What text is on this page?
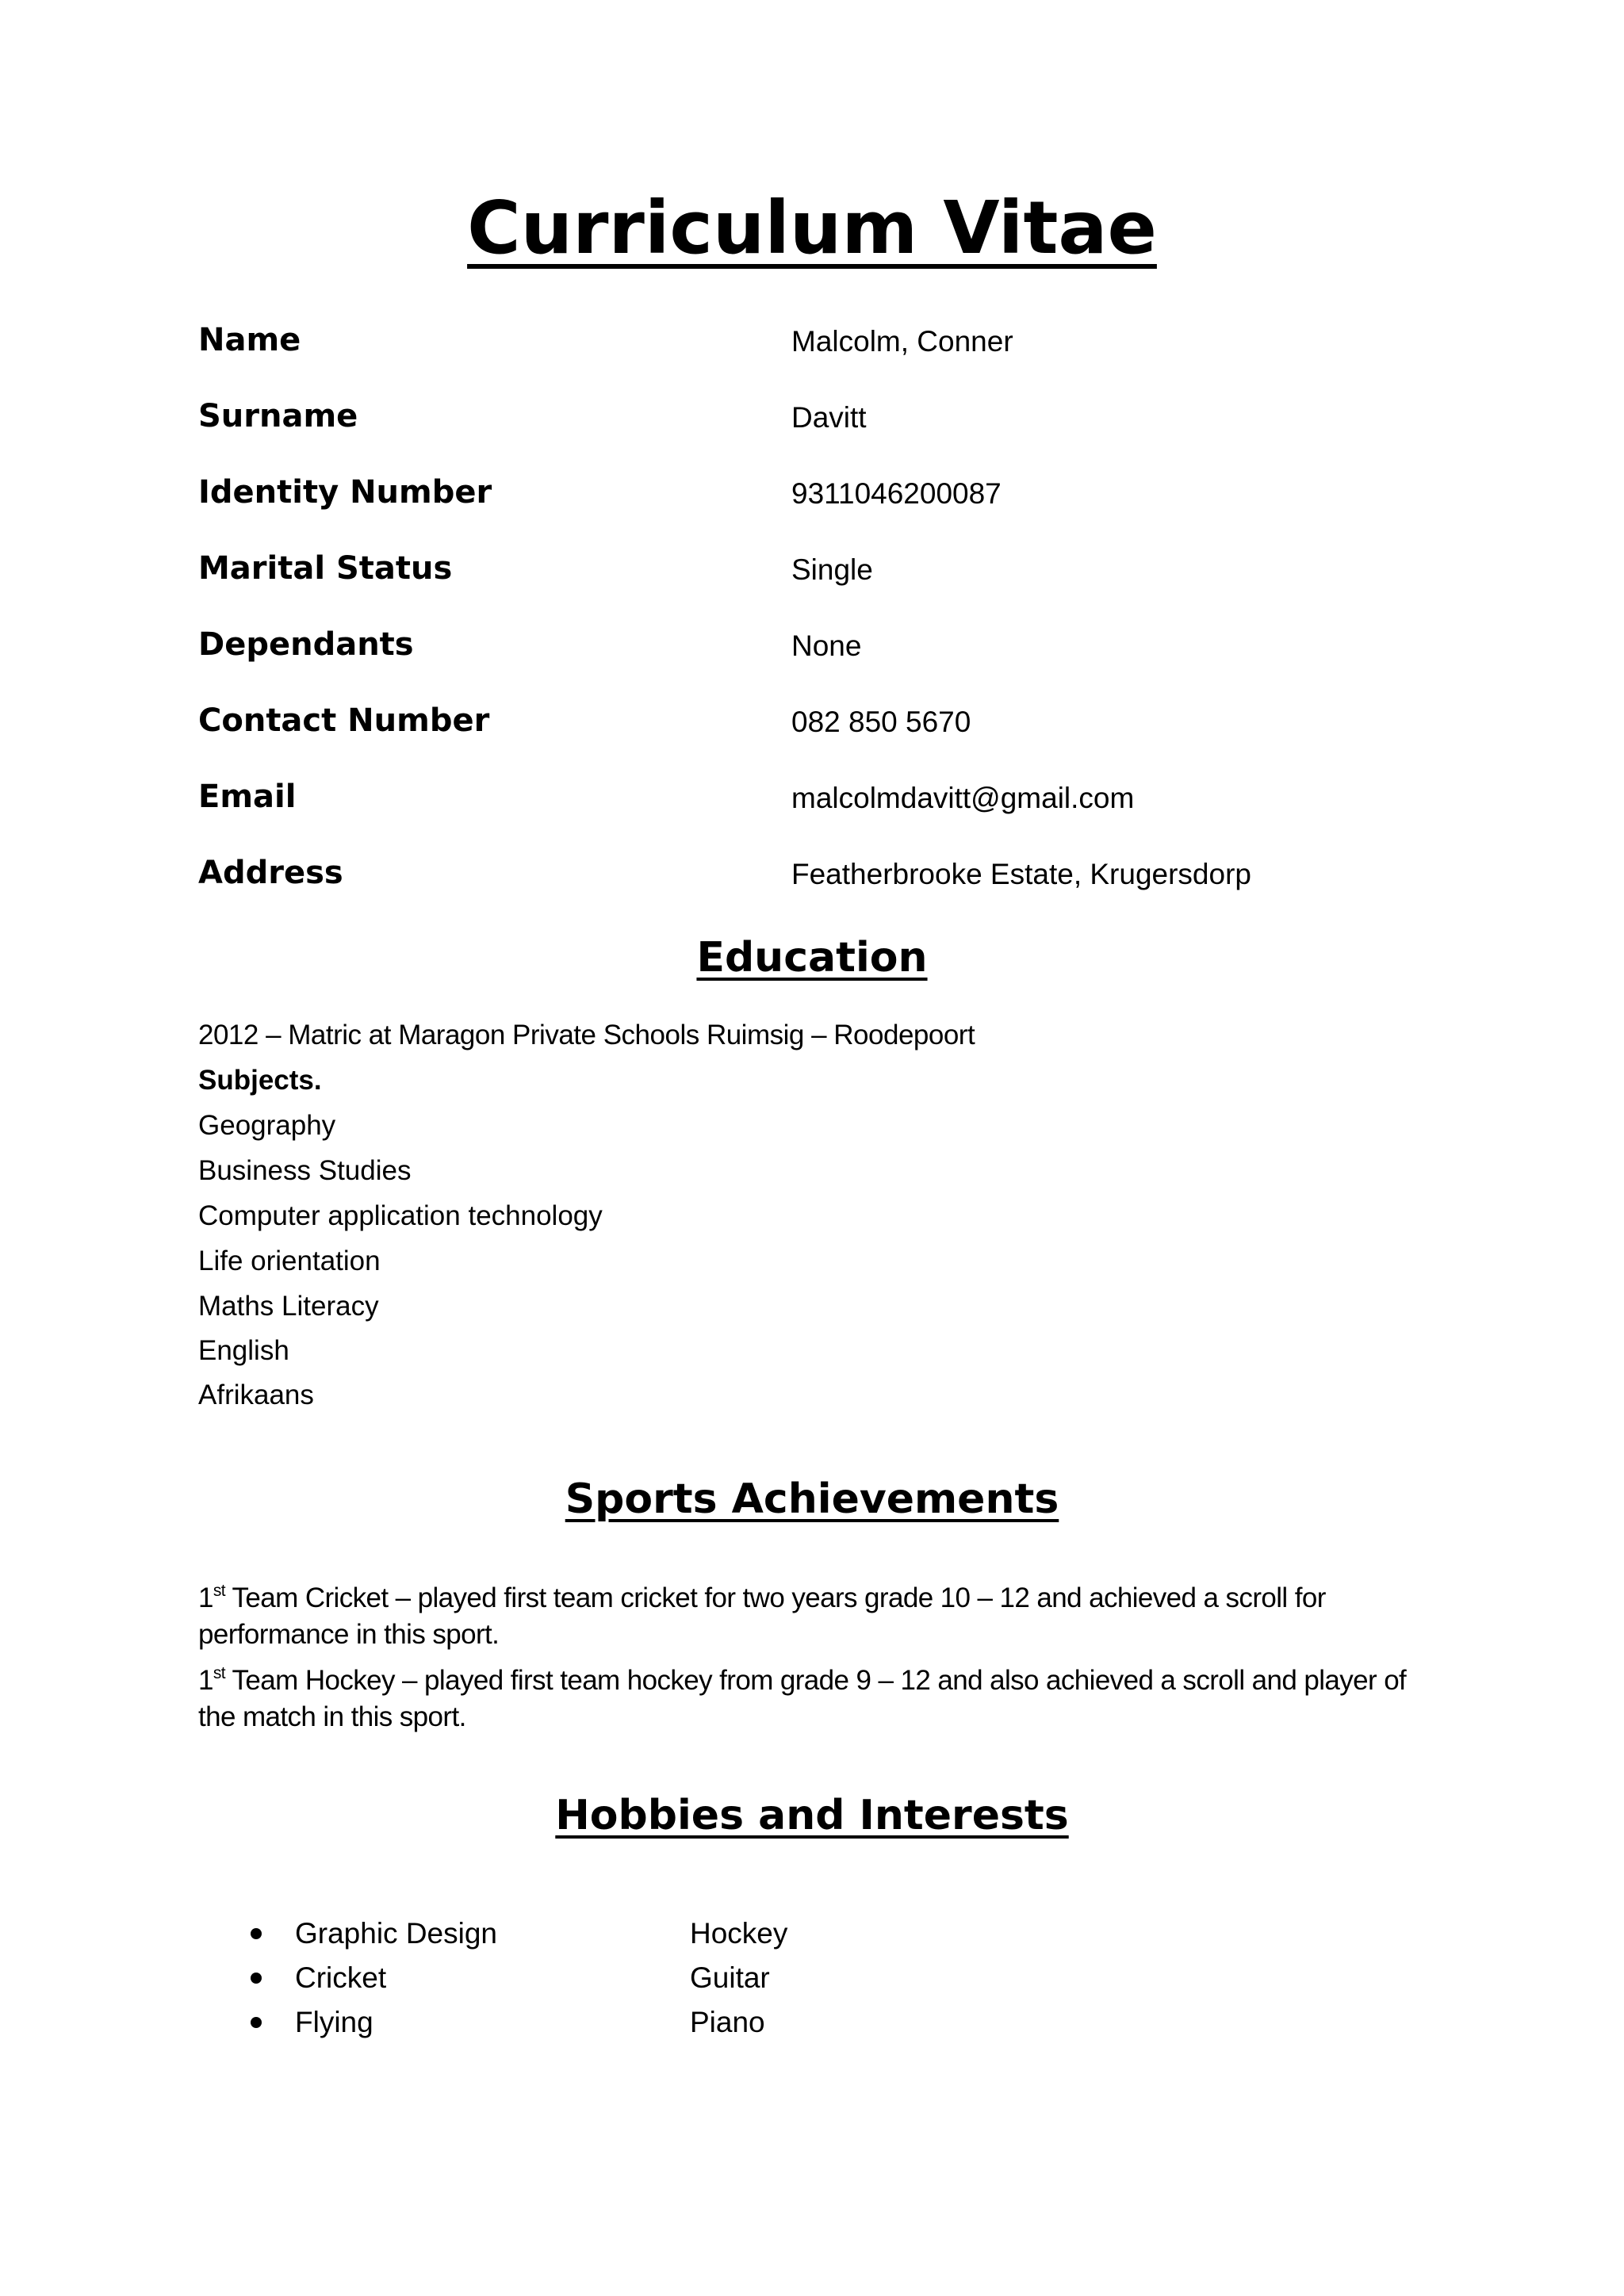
Curriculum Vitae
Name	Malcolm, Conner
Surname	Davitt
Identity Number	9311046200087
Marital Status	Single
Dependants	None
Contact Number	082 850 5670
Email	malcolmdavitt@gmail.com
Address	Featherbrooke Estate, Krugersdorp
Education
2012 – Matric at Maragon Private Schools Ruimsig – Roodepoort
Subjects.
Geography
Business Studies
Computer application technology
Life orientation
Maths Literacy
English
Afrikaans
Sports Achievements

1st Team Cricket – played first team cricket for two years grade 10 – 12 and achieved a scroll for performance in this sport.

1st Team Hockey – played first team hockey from grade 9 – 12 and also achieved a scroll and player of the match in this sport.

Hobbies and Interests
Graphic Design	Hockey
Cricket	Guitar
Flying	Piano
